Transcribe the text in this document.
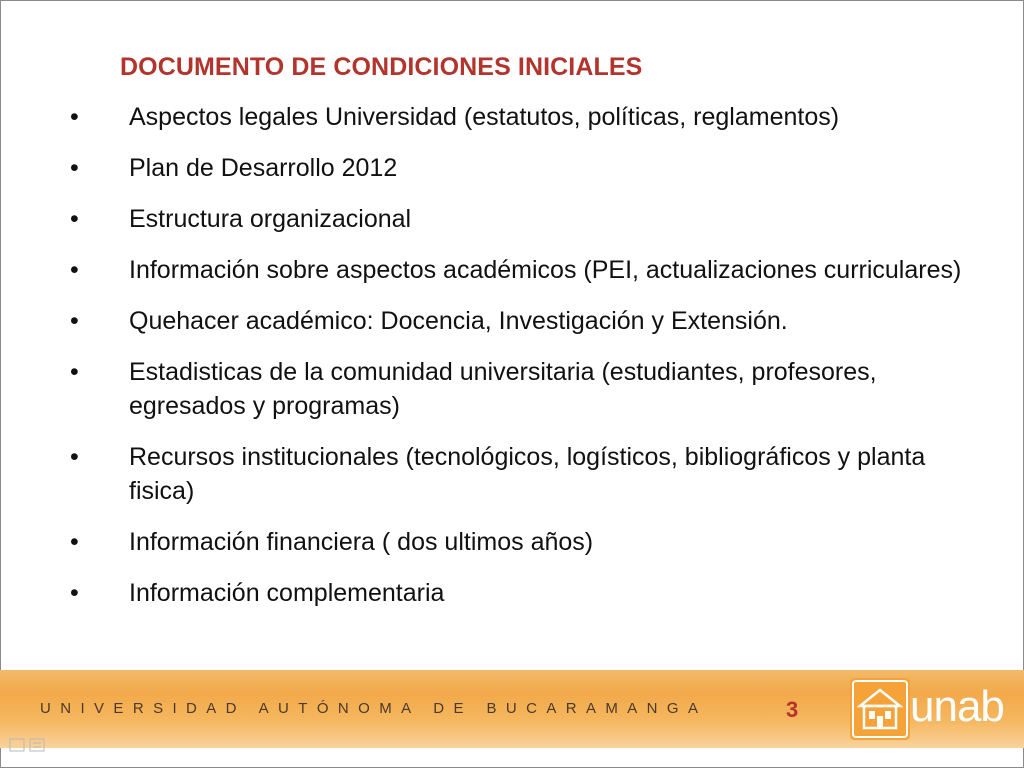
DOCUMENTO DE CONDICIONES INICIALES
• Aspectos legales Universidad (estatutos, políticas, reglamentos)
• Plan de Desarrollo 2012
• Estructura organizacional
• Información sobre aspectos académicos (PEI, actualizaciones curriculares)
• Quehacer académico: Docencia, Investigación y Extensión.
• Estadisticas de la comunidad universitaria (estudiantes, profesores, egresados y programas)
• Recursos institucionales (tecnológicos, logísticos, bibliográficos y planta fisica)
• Información financiera ( dos ultimos años)
• Información complementaria
UNIVERSIDAD AUTÓNOMA DE BUCARAMANGA	3	unab
